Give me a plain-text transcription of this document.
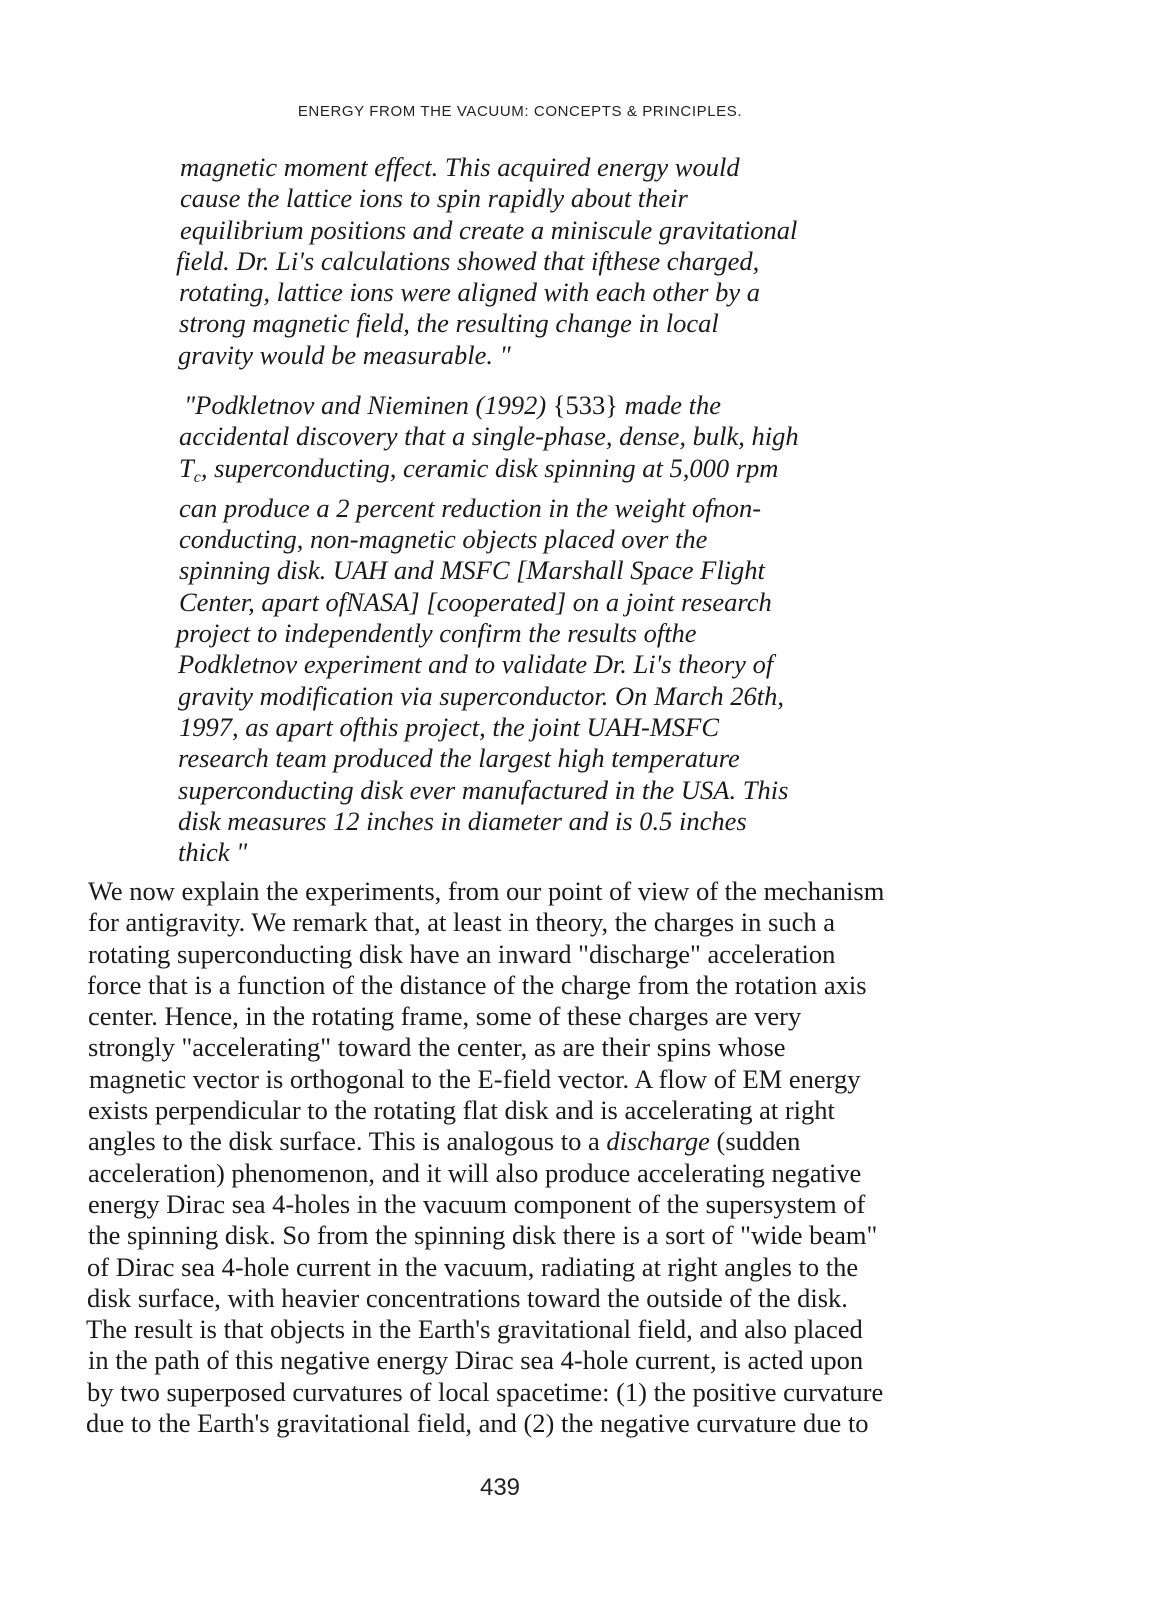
ENERGY FROM THE VACUUM: CONCEPTS & PRINCIPLES.
magnetic moment effect. This acquired energy would
cause the lattice ions to spin rapidly about their
equilibrium positions and create a miniscule gravitational
field. Dr. Li's calculations showed that ifthese charged,
rotating, lattice ions were aligned with each other by a
strong magnetic field, the resulting change in local
gravity would be measurable. "
"Podkletnov and Nieminen (1992) {533} made the
accidental discovery that a single-phase, dense, bulk, high
$T_c$, superconducting, ceramic disk spinning at 5,000 rpm
can produce a 2 percent reduction in the weight ofnon-
conducting, non-magnetic objects placed over the
spinning disk. UAH and MSFC [Marshall Space Flight
Center, apart ofNASA] [cooperated] on a joint research
project to independently confirm the results ofthe
Podkletnov experiment and to validate Dr. Li's theory of
gravity modification via superconductor. On March 26th,
1997, as apart ofthis project, the joint UAH-MSFC
research team produced the largest high temperature
superconducting disk ever manufactured in the USA. This
disk measures 12 inches in diameter and is 0.5 inches
thick "
We now explain the experiments, from our point of view of the mechanism
for antigravity. We remark that, at least in theory, the charges in such a
rotating superconducting disk have an inward "discharge" acceleration
force that is a function of the distance of the charge from the rotation axis
center. Hence, in the rotating frame, some of these charges are very
strongly "accelerating" toward the center, as are their spins whose
magnetic vector is orthogonal to the E-field vector. A flow of EM energy
exists perpendicular to the rotating flat disk and is accelerating at right
angles to the disk surface. This is analogous to a discharge (sudden
acceleration) phenomenon, and it will also produce accelerating negative
energy Dirac sea 4-holes in the vacuum component of the supersystem of
the spinning disk. So from the spinning disk there is a sort of "wide beam"
of Dirac sea 4-hole current in the vacuum, radiating at right angles to the
disk surface, with heavier concentrations toward the outside of the disk.
The result is that objects in the Earth's gravitational field, and also placed
in the path of this negative energy Dirac sea 4-hole current, is acted upon
by two superposed curvatures of local spacetime: (1) the positive curvature
due to the Earth's gravitational field, and (2) the negative curvature due to
439
